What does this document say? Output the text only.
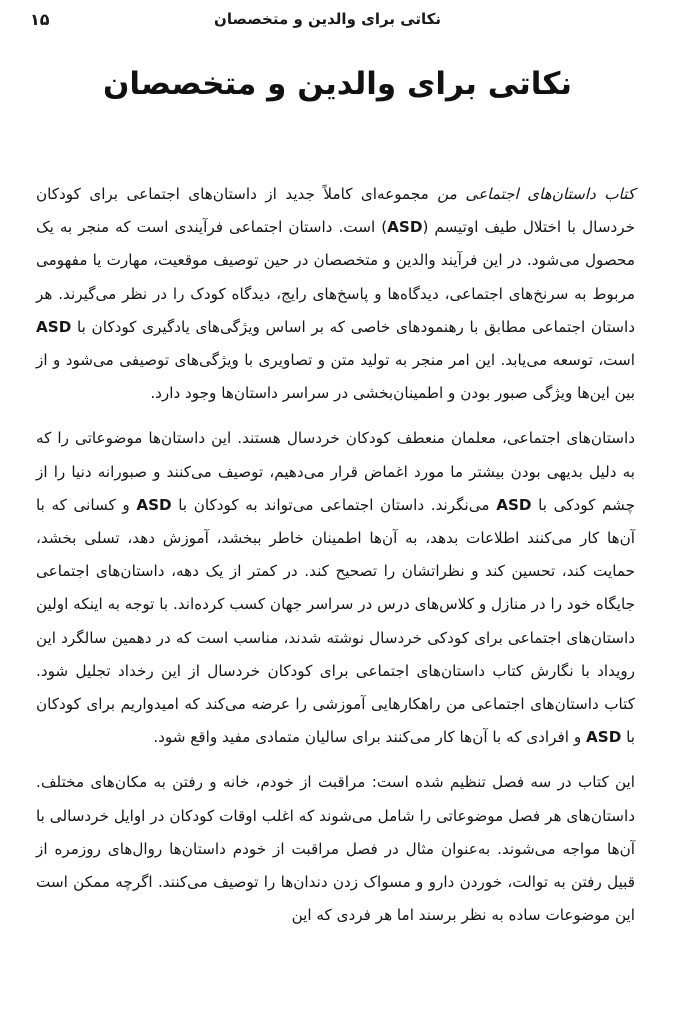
نکاتی برای والدین و متخصصان
۱۵
نکاتی برای والدین و متخصصان

کتاب داستان‌های اجتماعی من مجموعه‌ای کاملاً جدید از داستان‌های اجتماعی برای کودکان خردسال با اختلال طیف اوتیسم (ASD) است. داستان اجتماعی فرآیندی است که منجر به یک محصول می‌شود. در این فرآیند والدین و متخصصان در حین توصیف موقعیت، مهارت یا مفهومی مربوط به سرنخ‌های اجتماعی، دیدگاه‌ها و پاسخ‌های رایج، دیدگاه کودک را در نظر می‌گیرند. هر داستان اجتماعی مطابق با رهنمودهای خاصی که بر اساس ویژگی‌های یادگیری کودکان با ASD است، توسعه می‌یابد. این امر منجر به تولید متن و تصاویری با ویژگی‌های توصیفی می‌شود و از بین این‌ها ویژگی صبور بودن و اطمینان‌بخشی در سراسر داستان‌ها وجود دارد.

داستان‌های اجتماعی، معلمان منعطف کودکان خردسال هستند. این داستان‌ها موضوعاتی را که به دلیل بدیهی بودن بیشتر ما مورد اغماض قرار می‌دهیم، توصیف می‌کنند و صبورانه دنیا را از چشم کودکی با ASD می‌نگرند. داستان اجتماعی می‌تواند به کودکان با ASD و کسانی که با آن‌ها کار می‌کنند اطلاعات بدهد، به آن‌ها اطمینان خاطر ببخشد، آموزش دهد، تسلی بخشد، حمایت کند، تحسین کند و نظراتشان را تصحیح کند. در کمتر از یک دهه، داستان‌های اجتماعی جایگاه خود را در منازل و کلاس‌های درس در سراسر جهان کسب کرده‌اند. با توجه به اینکه اولین داستان‌های اجتماعی برای کودکی خردسال نوشته شدند، مناسب است که در دهمین سالگرد این رویداد با نگارش کتاب داستان‌های اجتماعی برای کودکان خردسال از این رخداد تجلیل شود. کتاب داستان‌های اجتماعی من راهکارهایی آموزشی را عرضه می‌کند که امیدواریم برای کودکان با ASD و افرادی که با آن‌ها کار می‌کنند برای سالیان متمادی مفید واقع شود.

این کتاب در سه فصل تنظیم شده است: مراقبت از خودم، خانه و رفتن به مکان‌های مختلف. داستان‌های هر فصل موضوعاتی را شامل می‌شوند که اغلب اوقات کودکان در اوایل خردسالی با آن‌ها مواجه می‌شوند. به‌عنوان مثال در فصل مراقبت از خودم داستان‌ها روال‌های روزمره از قبیل رفتن به توالت، خوردن دارو و مسواک زدن دندان‌ها را توصیف می‌کنند. اگرچه ممکن است این موضوعات ساده به نظر برسند اما هر فردی که این
